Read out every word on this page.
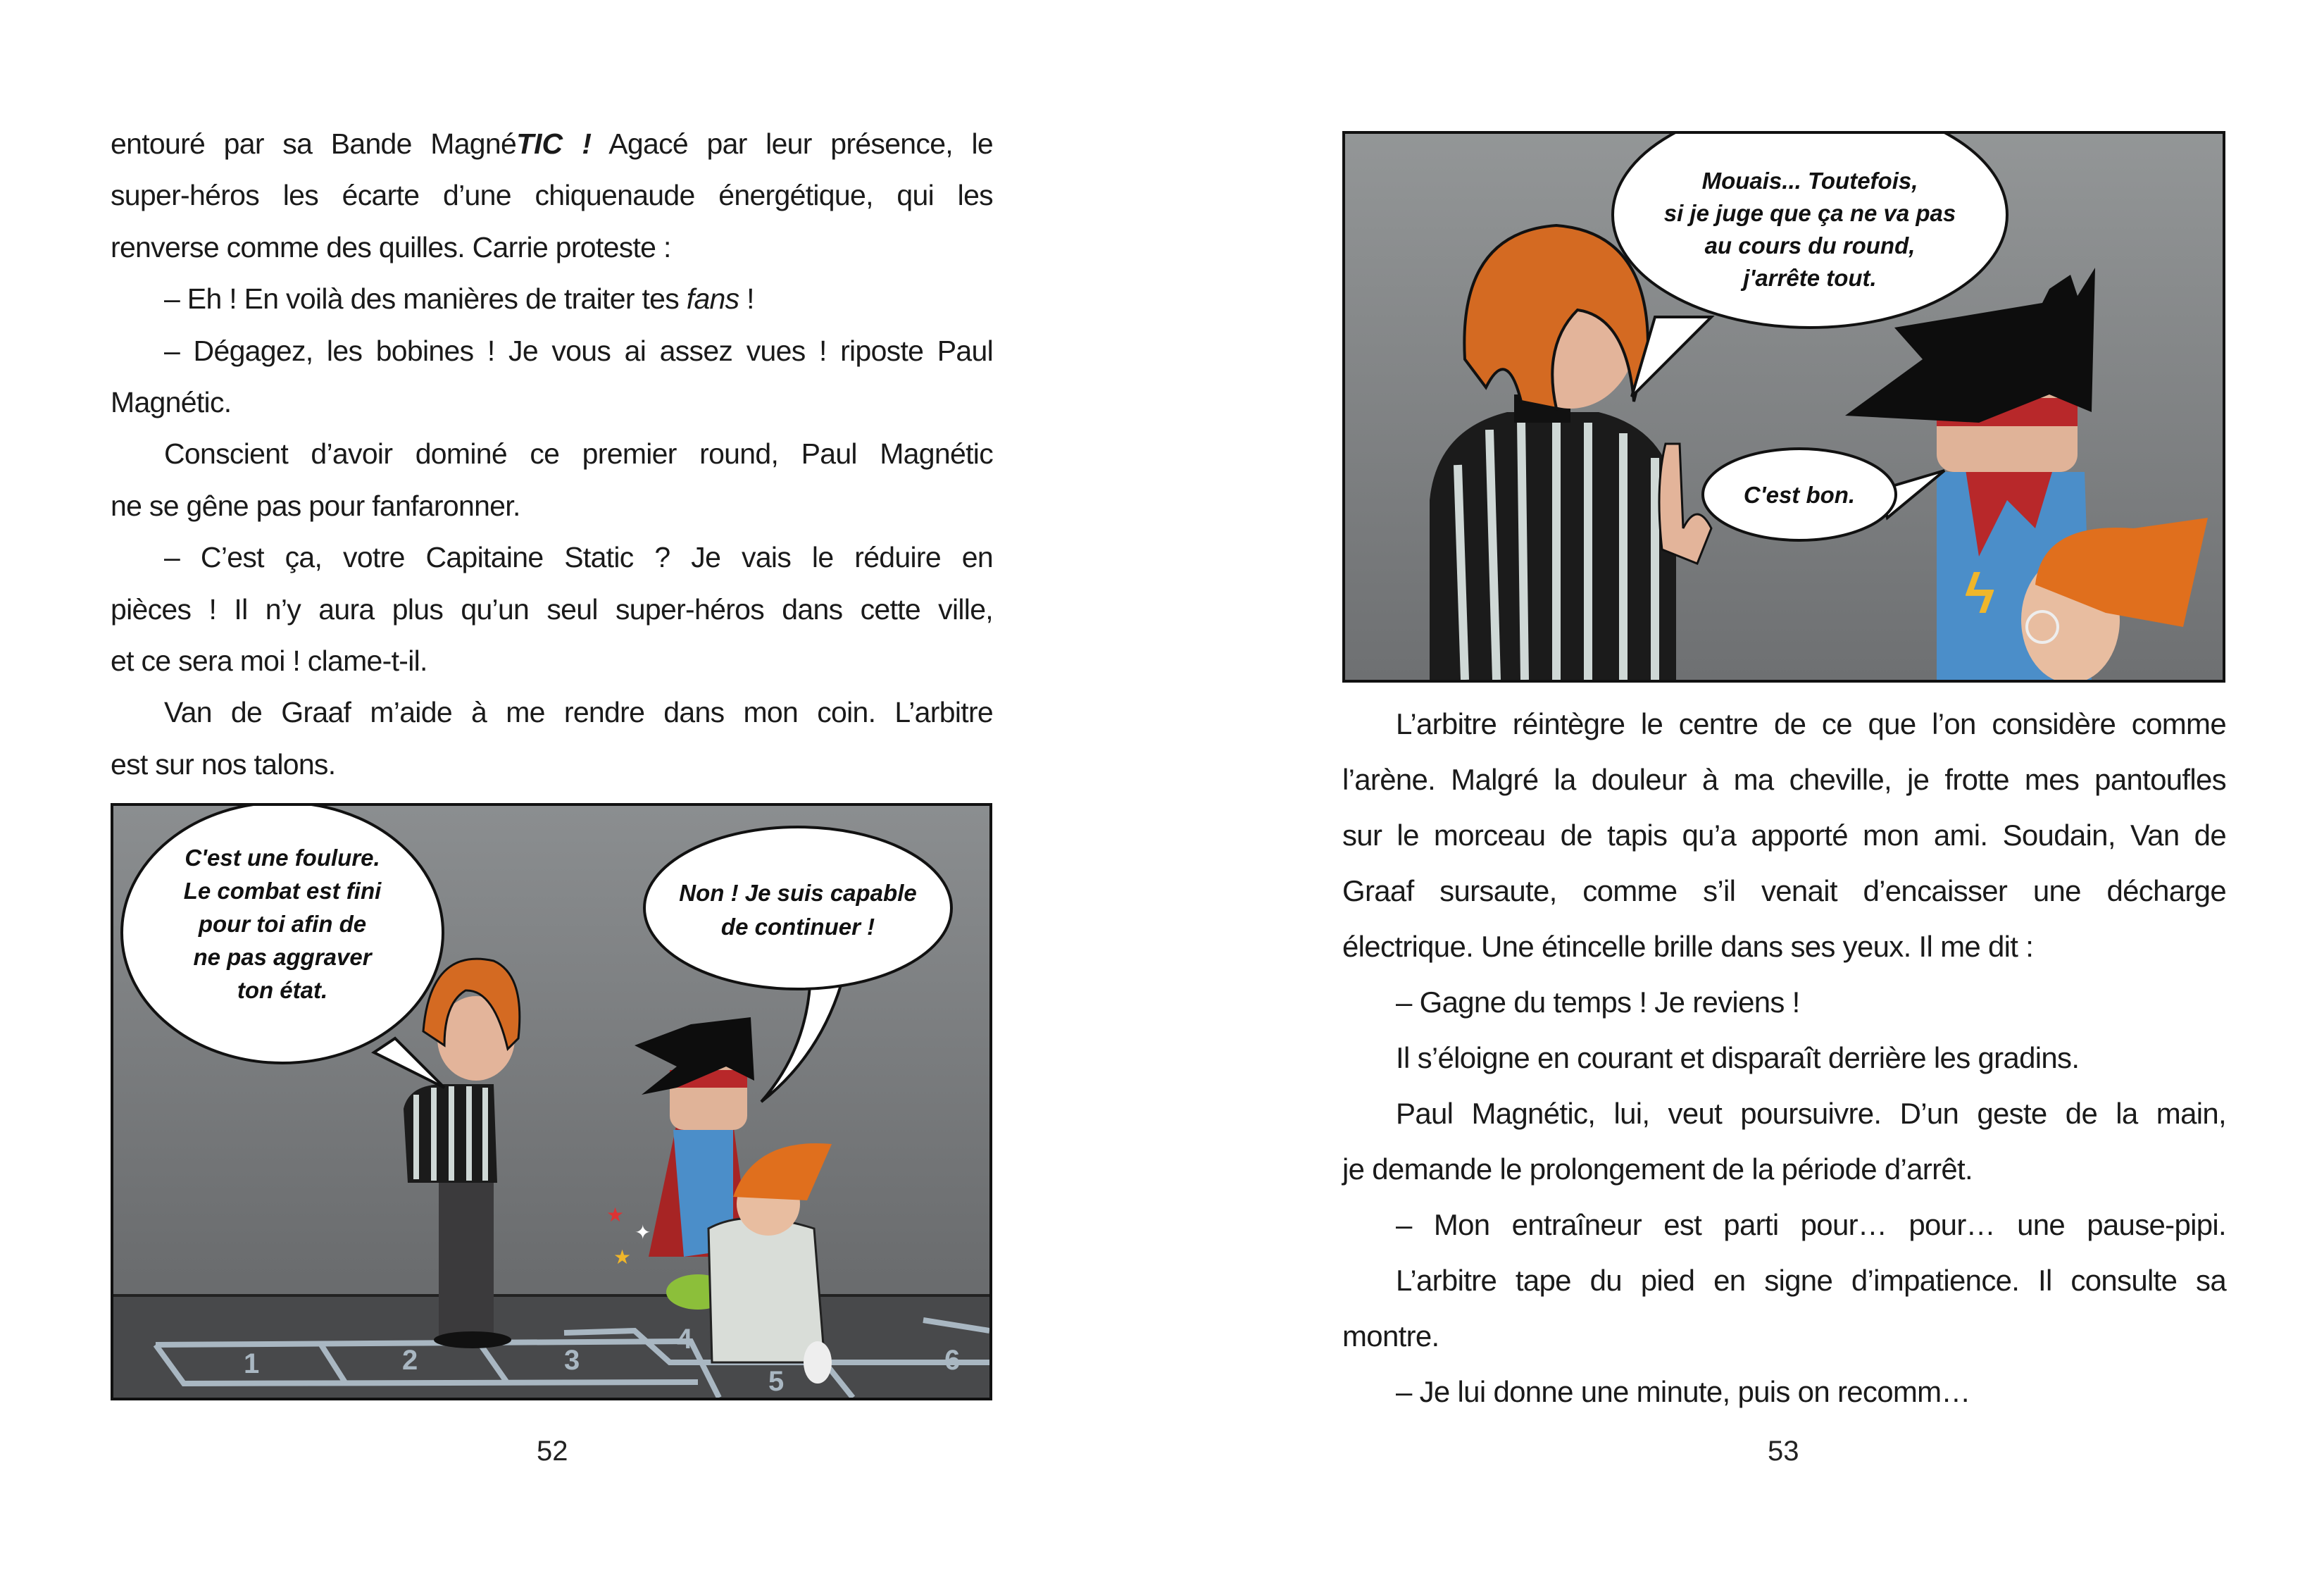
entouré par sa Bande MagnéTIC ! Agacé par leur présence, le
super-héros les écarte d’une chiquenaude énergétique, qui les
renverse comme des quilles. Carrie proteste :
– Eh ! En voilà des manières de traiter tes fans !
– Dégagez, les bobines ! Je vous ai assez vues ! riposte Paul
Magnétic.
Conscient d’avoir dominé ce premier round, Paul Magnétic
ne se gêne pas pour fanfaronner.
– C’est ça, votre Capitaine Static ? Je vais le réduire en
pièces ! Il n’y aura plus qu’un seul super-héros dans cette ville,
et ce sera moi ! clame-t-il.
Van de Graaf m’aide à me rendre dans mon coin. L’arbitre
est sur nos talons.
1	2	3
4
5
6
★
✦
★
C'est une foulure.
Le combat est fini
pour toi afin de
ne pas aggraver
ton état.
Non ! Je suis capable
de continuer !
ϟ
Mouais... Toutefois,
si je juge que ça ne va pas
au cours du round,
j'arrête tout.
C'est bon.
L’arbitre réintègre le centre de ce que l’on considère comme
l’arène. Malgré la douleur à ma cheville, je frotte mes pantoufles
sur le morceau de tapis qu’a apporté mon ami. Soudain, Van de
Graaf sursaute, comme s’il venait d’encaisser une décharge
électrique. Une étincelle brille dans ses yeux. Il me dit :
– Gagne du temps ! Je reviens !
Il s’éloigne en courant et disparaît derrière les gradins.
Paul Magnétic, lui, veut poursuivre. D’un geste de la main,
je demande le prolongement de la période d’arrêt.
– Mon entraîneur est parti pour… pour… une pause-pipi.
L’arbitre tape du pied en signe d’impatience. Il consulte sa
montre.
– Je lui donne une minute, puis on recomm…
52	53
